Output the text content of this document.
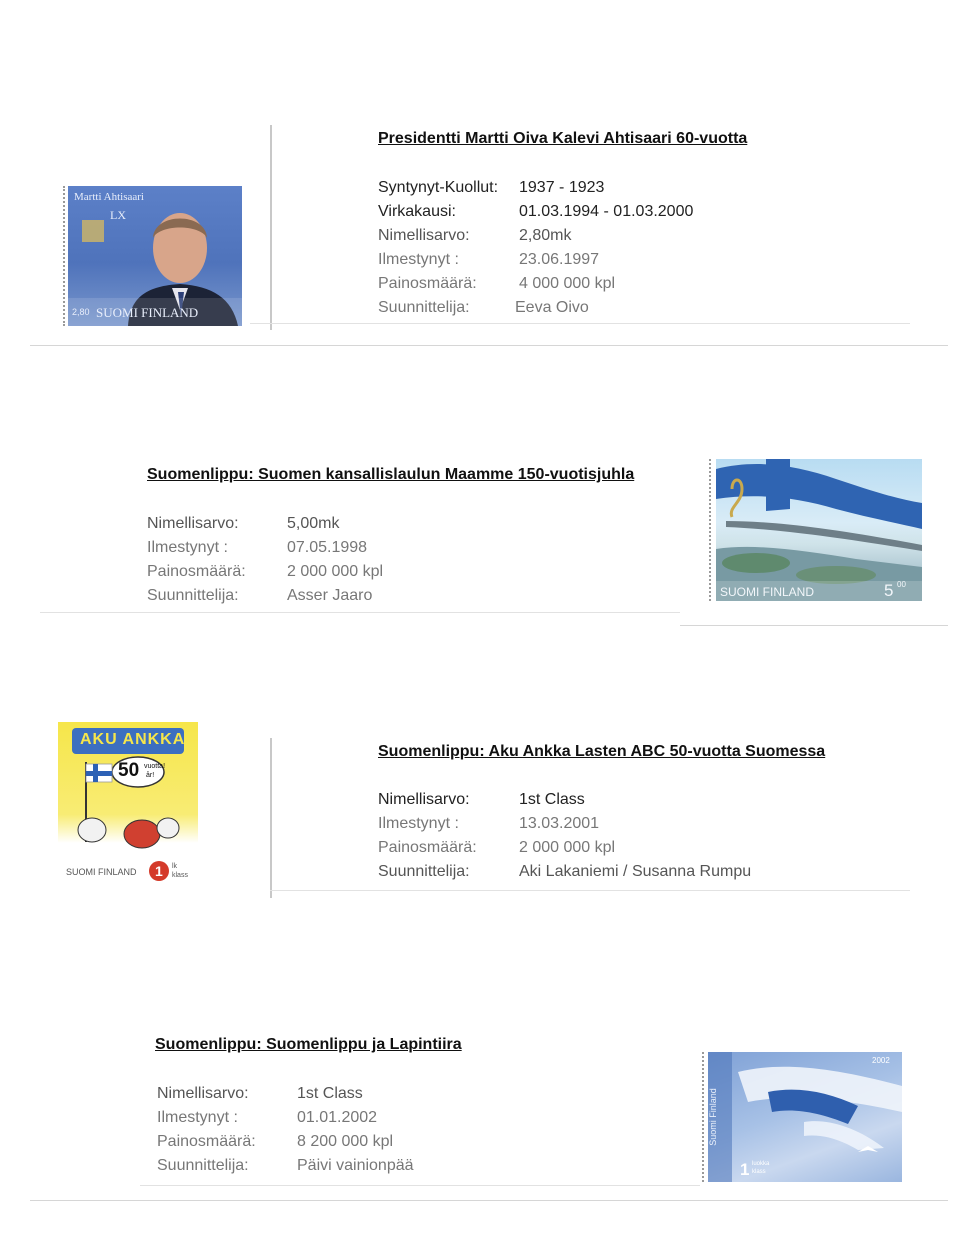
Presidentti Martti Oiva Kalevi Ahtisaari 60-vuotta
Syntynyt-Kuollut:	1937 - 1923
Virkakausi:	01.03.1994 - 01.03.2000
Nimellisarvo:	2,80mk
Ilmestynyt :	23.06.1997
Painosmäärä:	4 000 000 kpl
Suunnittelija:	Eeva Oivo
Martti Ahtisaari
LX
2,80 SUOMI FINLAND
Suomenlippu: Suomen kansallislaulun Maamme 150-vuotisjuhla
Nimellisarvo:	5,00mk
Ilmestynyt :	07.05.1998
Painosmäärä:	2 000 000 kpl
Suunnittelija:	Asser Jaaro	SUOMI FINLAND	5 00
Suomenlippu: Aku Ankka Lasten ABC 50-vuotta Suomessa
Nimellisarvo:	1st Class
Ilmestynyt :	13.03.2001
Painosmäärä:	2 000 000 kpl
Suunnittelija:	Aki Lakaniemi / Susanna Rumpu
AKU ANKKA
50 vuotta!
år!
SUOMI FINLAND 1 lk
klass
Suomenlippu: Suomenlippu ja Lapintiira
Nimellisarvo:	1st Class
Ilmestynyt :	01.01.2002
Painosmäärä:	8 200 000 kpl
Suunnittelija:	Päivi vainionpää
2002
Suomi Finland
1 luokka
klass
